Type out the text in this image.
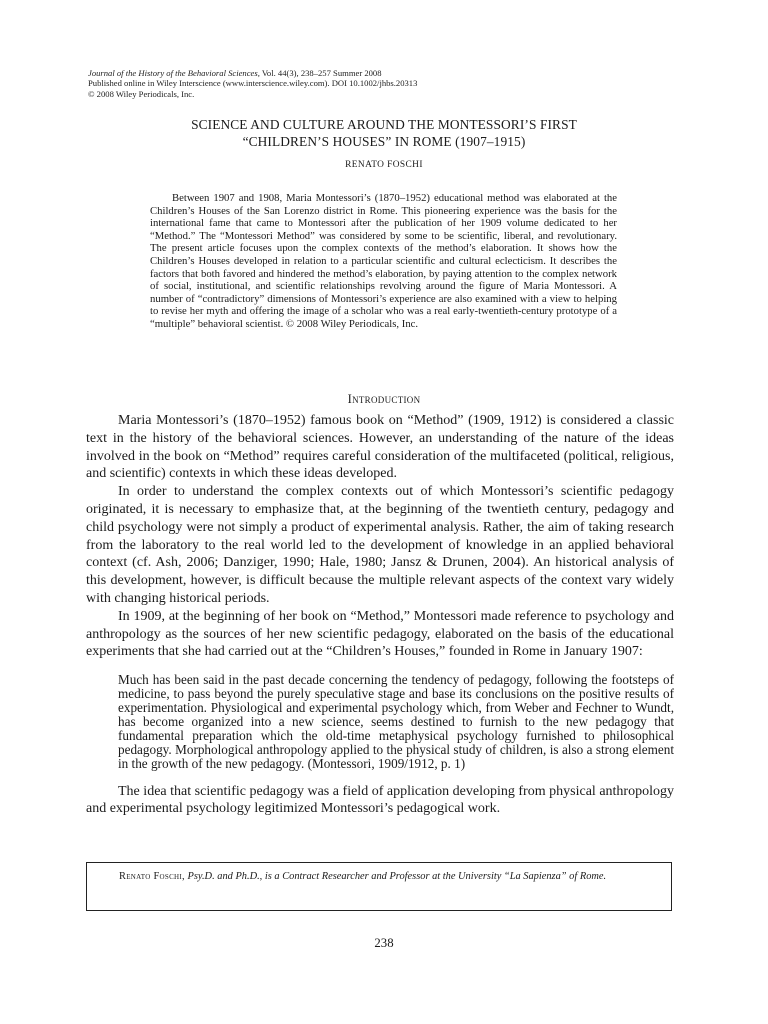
Journal of the History of the Behavioral Sciences, Vol. 44(3), 238–257 Summer 2008
Published online in Wiley Interscience (www.interscience.wiley.com). DOI 10.1002/jhbs.20313
© 2008 Wiley Periodicals, Inc.
SCIENCE AND CULTURE AROUND THE MONTESSORI’S FIRST
“CHILDREN’S HOUSES” IN ROME (1907–1915)
RENATO FOSCHI

Between 1907 and 1908, Maria Montessori’s (1870–1952) educational method was elaborated at the Children’s Houses of the San Lorenzo district in Rome. This pioneering experience was the basis for the international fame that came to Montessori after the publication of her 1909 volume dedicated to her “Method.” The “Montessori Method” was considered by some to be scientific, liberal, and revolutionary. The present article focuses upon the complex contexts of the method’s elaboration. It shows how the Children’s Houses developed in relation to a particular scientific and cultural eclecticism. It describes the factors that both favored and hindered the method’s elaboration, by paying attention to the complex network of social, institutional, and scientific relationships revolving around the figure of Maria Montessori. A number of “contradictory” dimensions of Montessori’s experience are also examined with a view to helping to revise her myth and offering the image of a scholar who was a real early-twentieth-century prototype of a “multiple” behavioral scientist. © 2008 Wiley Periodicals, Inc.

Introduction

Maria Montessori’s (1870–1952) famous book on “Method” (1909, 1912) is considered a classic text in the history of the behavioral sciences. However, an understanding of the nature of the ideas involved in the book on “Method” requires careful consideration of the multifaceted (political, religious, and scientific) contexts in which these ideas developed.

In order to understand the complex contexts out of which Montessori’s scientific pedagogy originated, it is necessary to emphasize that, at the beginning of the twentieth century, pedagogy and child psychology were not simply a product of experimental analysis. Rather, the aim of taking research from the laboratory to the real world led to the development of knowledge in an applied behavioral context (cf. Ash, 2006; Danziger, 1990; Hale, 1980; Jansz & Drunen, 2004). An historical analysis of this development, however, is difficult because the multiple relevant aspects of the context vary widely with changing historical periods.

In 1909, at the beginning of her book on “Method,” Montessori made reference to psychology and anthropology as the sources of her new scientific pedagogy, elaborated on the basis of the educational experiments that she had carried out at the “Children’s Houses,” founded in Rome in January 1907:

Much has been said in the past decade concerning the tendency of pedagogy, following the footsteps of medicine, to pass beyond the purely speculative stage and base its conclusions on the positive results of experimentation. Physiological and experimental psychology which, from Weber and Fechner to Wundt, has become organized into a new science, seems destined to furnish to the new pedagogy that fundamental preparation which the old-time metaphysical psychology furnished to philosophical pedagogy. Morphological anthropology applied to the physical study of children, is also a strong element in the growth of the new pedagogy. (Montessori, 1909/1912, p. 1)

The idea that scientific pedagogy was a field of application developing from physical anthropology and experimental psychology legitimized Montessori’s pedagogical work.

Renato Foschi, Psy.D. and Ph.D., is a Contract Researcher and Professor at the University “La Sapienza” of Rome.
238
